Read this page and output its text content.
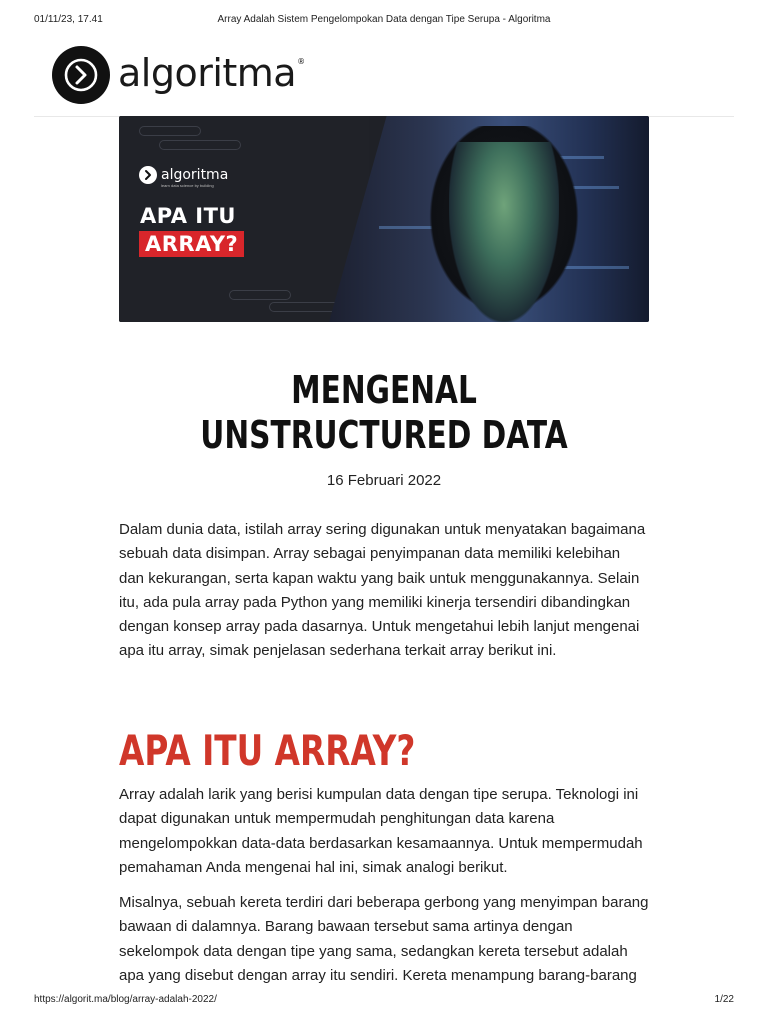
01/11/23, 17.41	Array Adalah Sistem Pengelompokan Data dengan Tipe Serupa - Algoritma
algoritma®
algoritma
learn data science by building
APA ITU
ARRAY?
MENGENAL UNSTRUCTURED DATA
16 Februari 2022

Dalam dunia data, istilah array sering digunakan untuk menyatakan bagaimana sebuah data disimpan. Array sebagai penyimpanan data memiliki kelebihan dan kekurangan, serta kapan waktu yang baik untuk menggunakannya. Selain itu, ada pula array pada Python yang memiliki kinerja tersendiri dibandingkan dengan konsep array pada dasarnya. Untuk mengetahui lebih lanjut mengenai apa itu array, simak penjelasan sederhana terkait array berikut ini.

APA ITU ARRAY?

Array adalah larik yang berisi kumpulan data dengan tipe serupa. Teknologi ini dapat digunakan untuk mempermudah penghitungan data karena mengelompokkan data-data berdasarkan kesamaannya. Untuk mempermudah pemahaman Anda mengenai hal ini, simak analogi berikut.

Misalnya, sebuah kereta terdiri dari beberapa gerbong yang menyimpan barang bawaan di dalamnya. Barang bawaan tersebut sama artinya dengan sekelompok data dengan tipe yang sama, sedangkan kereta tersebut adalah apa yang disebut dengan array itu sendiri. Kereta menampung barang-barang

https://algorit.ma/blog/array-adalah-2022/	1/22
